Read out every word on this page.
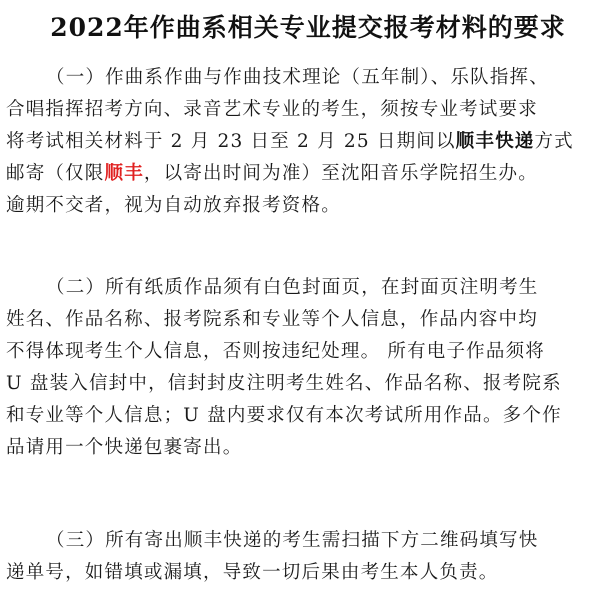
2022年作曲系相关专业提交报考材料的要求
（一）作曲系作曲与作曲技术理论（五年制）、乐队指挥、
合唱指挥招考方向、录音艺术专业的考生，须按专业考试要求
将考试相关材料于 2 月 23 日至 2 月 25 日期间以顺丰快递方式
邮寄（仅限顺丰，以寄出时间为准）至沈阳音乐学院招生办。
逾期不交者，视为自动放弃报考资格。
（二）所有纸质作品须有白色封面页，在封面页注明考生
姓名、作品名称、报考院系和专业等个人信息，作品内容中均
不得体现考生个人信息，否则按违纪处理。 所有电子作品须将
U 盘装入信封中，信封封皮注明考生姓名、作品名称、报考院系
和专业等个人信息；U 盘内要求仅有本次考试所用作品。多个作
品请用一个快递包裹寄出。
（三）所有寄出顺丰快递的考生需扫描下方二维码填写快
递单号，如错填或漏填，导致一切后果由考生本人负责。
